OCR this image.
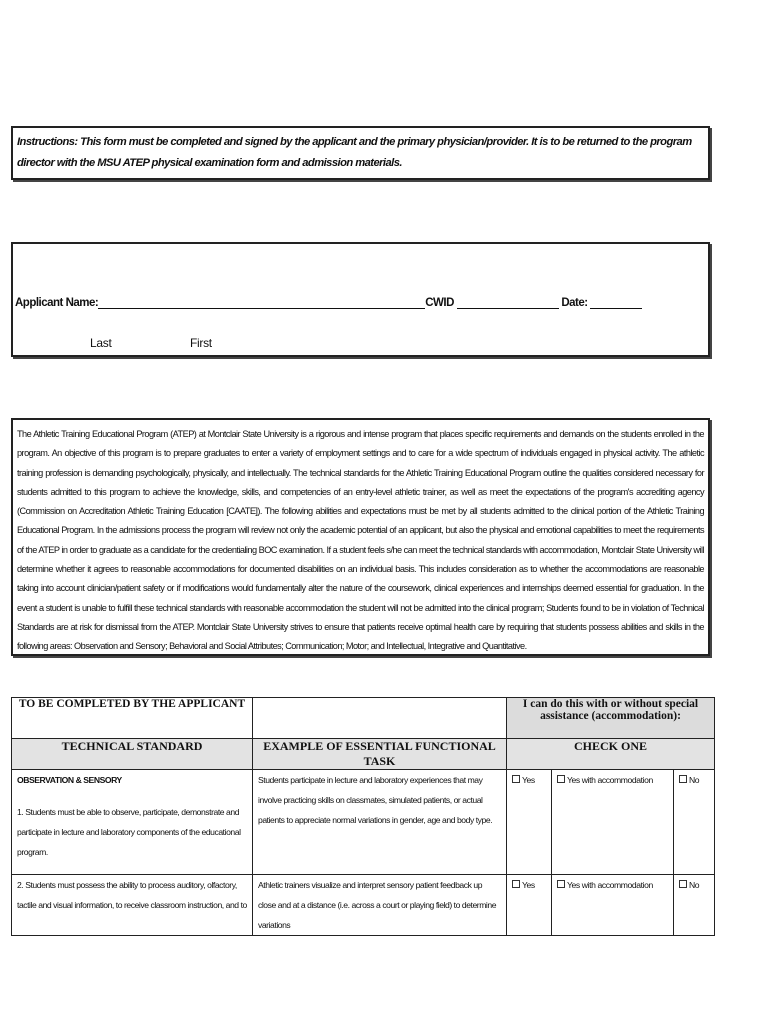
Instructions: This form must be completed and signed by the applicant and the primary physician/provider. It is to be returned to the program director with the MSU ATEP physical examination form and admission materials.

Applicant Name:	CWID	Date:
Last	First

The Athletic Training Educational Program (ATEP) at Montclair State University is a rigorous and intense program that places specific requirements and demands on the students enrolled in the program. An objective of this program is to prepare graduates to enter a variety of employment settings and to care for a wide spectrum of individuals engaged in physical activity. The athletic training profession is demanding psychologically, physically, and intellectually. The technical standards for the Athletic Training Educational Program outline the qualities considered necessary for students admitted to this program to achieve the knowledge, skills, and competencies of an entry-level athletic trainer, as well as meet the expectations of the program's accrediting agency (Commission on Accreditation Athletic Training Education [CAATE]). The following abilities and expectations must be met by all students admitted to the clinical portion of the Athletic Training Educational Program. In the admissions process the program will review not only the academic potential of an applicant, but also the physical and emotional capabilities to meet the requirements of the ATEP in order to graduate as a candidate for the credentialing BOC examination. If a student feels s/he can meet the technical standards with accommodation, Montclair State University will determine whether it agrees to reasonable accommodations for documented disabilities on an individual basis. This includes consideration as to whether the accommodations are reasonable taking into account clinician/patient safety or if modifications would fundamentally alter the nature of the coursework, clinical experiences and internships deemed essential for graduation. In the event a student is unable to fulfill these technical standards with reasonable accommodation the student will not be admitted into the clinical program; Students found to be in violation of Technical Standards are at risk for dismissal from the ATEP. Montclair State University strives to ensure that patients receive optimal health care by requiring that students possess abilities and skills in the following areas: Observation and Sensory; Behavioral and Social Attributes; Communication; Motor; and Intellectual, Integrative and Quantitative.

TO BE COMPLETED BY THE APPLICANT		I can do this with or without special assistance (accommodation):		
TECHNICAL STANDARD	EXAMPLE OF ESSENTIAL FUNCTIONAL TASK	CHECK ONE		

OBSERVATION & SENSORY
1. Students must be able to observe, participate, demonstrate and participate in lecture and laboratory components of the educational program.	Students participate in lecture and laboratory experiences that may involve practicing skills on classmates, simulated patients, or actual patients to appreciate normal variations in gender, age and body type.	Yes	Yes with accommodation	No

2. Students must possess the ability to process auditory, olfactory, tactile and visual information, to receive classroom instruction, and to	Athletic trainers visualize and interpret sensory patient feedback up close and at a distance (i.e. across a court or playing field) to determine variations	Yes	Yes with accommodation	No
